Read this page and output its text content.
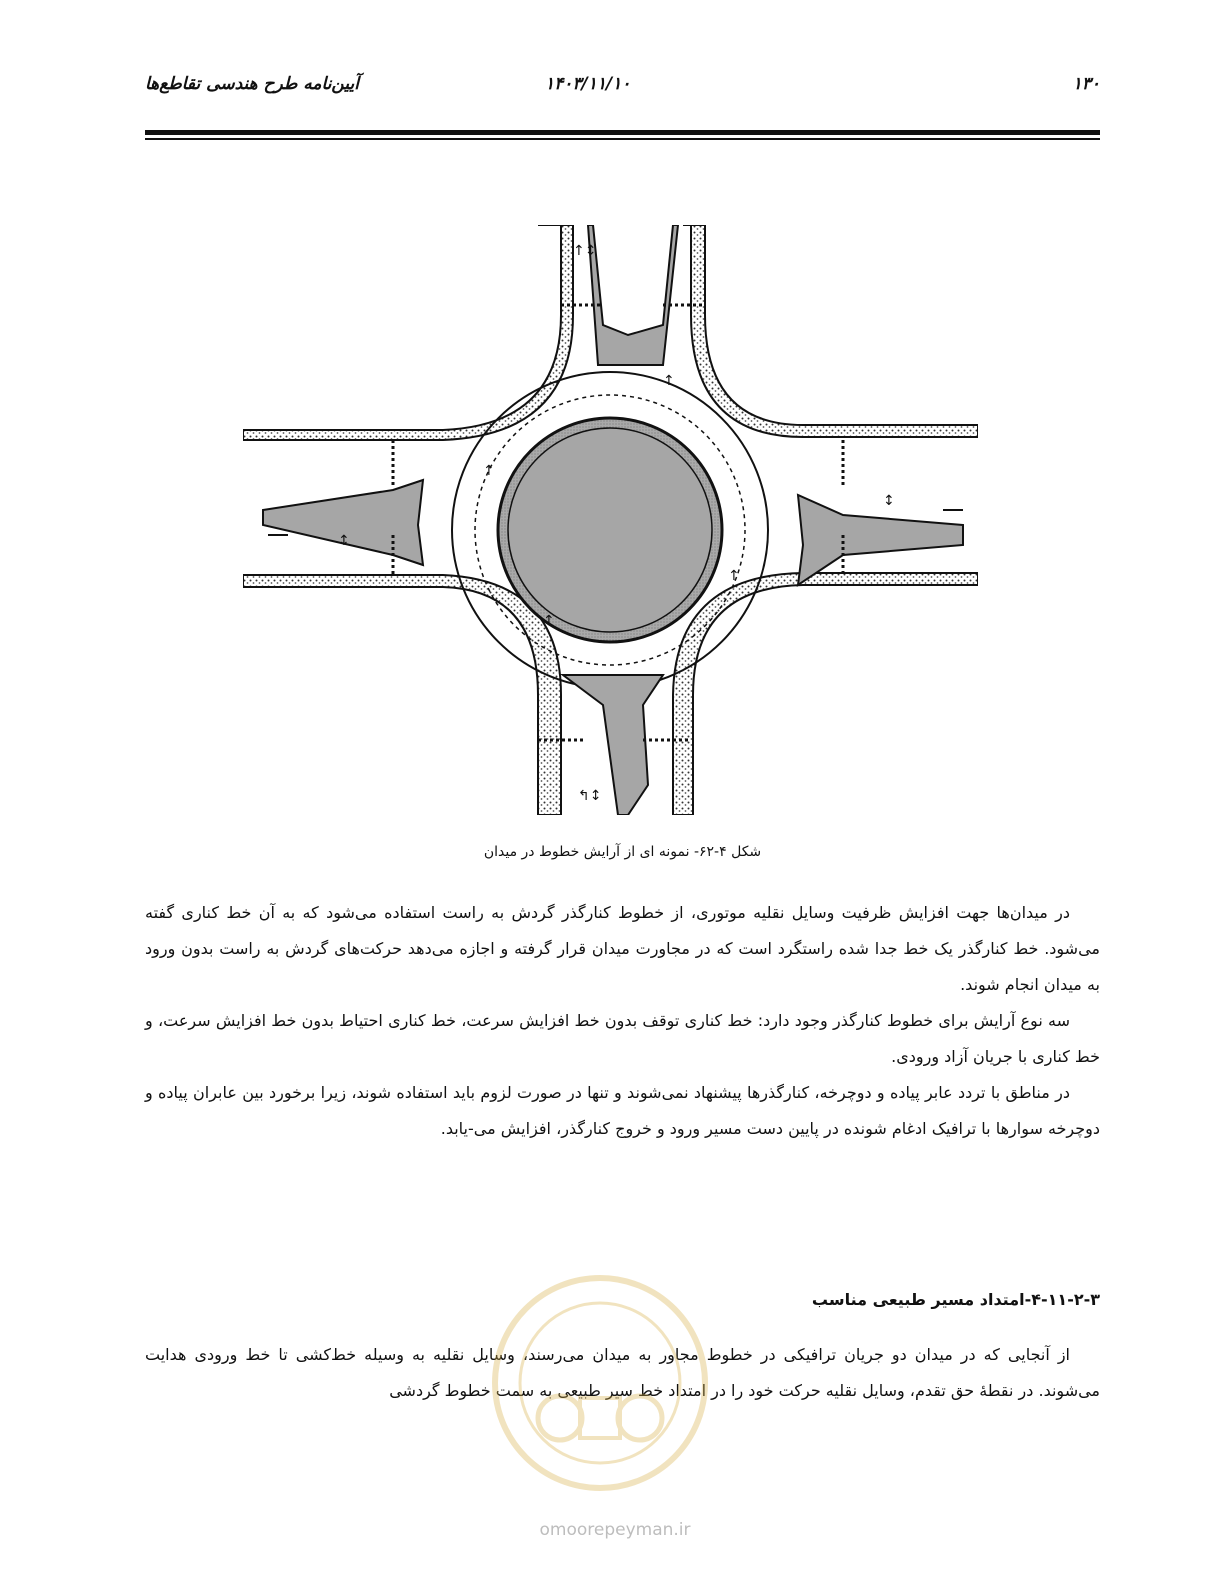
۱۳۰
۱۴۰۳/۱۱/۱۰
آیین‌نامه طرح هندسی تقاطع‌ها
↑↕
↰↕
↕
↕
↑
↑
↑
↑
شکل ۴-۶۲- نمونه ای از آرایش خطوط در میدان

در میدان‌ها جهت افزایش ظرفیت وسایل نقلیه موتوری، از خطوط کنارگذر گردش به راست استفاده می‌شود که به آن خط کناری گفته می‌شود. خط کنارگذر یک خط جدا شده راستگرد است که در مجاورت میدان قرار گرفته و اجازه می‌دهد حرکت‌های گردش به راست بدون ورود به میدان انجام شوند.

سه نوع آرایش برای خطوط کنارگذر وجود دارد: خط کناری توقف بدون خط افزایش سرعت، خط کناری احتیاط بدون خط افزایش سرعت، و خط کناری با جریان آزاد ورودی.

در مناطق با تردد عابر پیاده و دوچرخه، کنارگذرها پیشنهاد نمی‌شوند و تنها در صورت لزوم باید استفاده شوند، زیرا برخورد بین عابران پیاده و دوچرخه سوارها با ترافیک ادغام شونده در پایین دست مسیر ورود و خروج کنارگذر، افزایش می-یابد.

۴-۱۱-۲-۳-امتداد مسیر طبیعی مناسب

از آنجایی که در میدان دو جریان ترافیکی در خطوط مجاور به میدان می‌رسند، وسایل نقلیه به وسیله خط‌کشی تا خط ورودی هدایت می‌شوند. در نقطهٔ حق تقدم، وسایل نقلیه حرکت خود را در امتداد خط سیر طبیعی به سمت خطوط گردشی

omoorepeyman.ir
